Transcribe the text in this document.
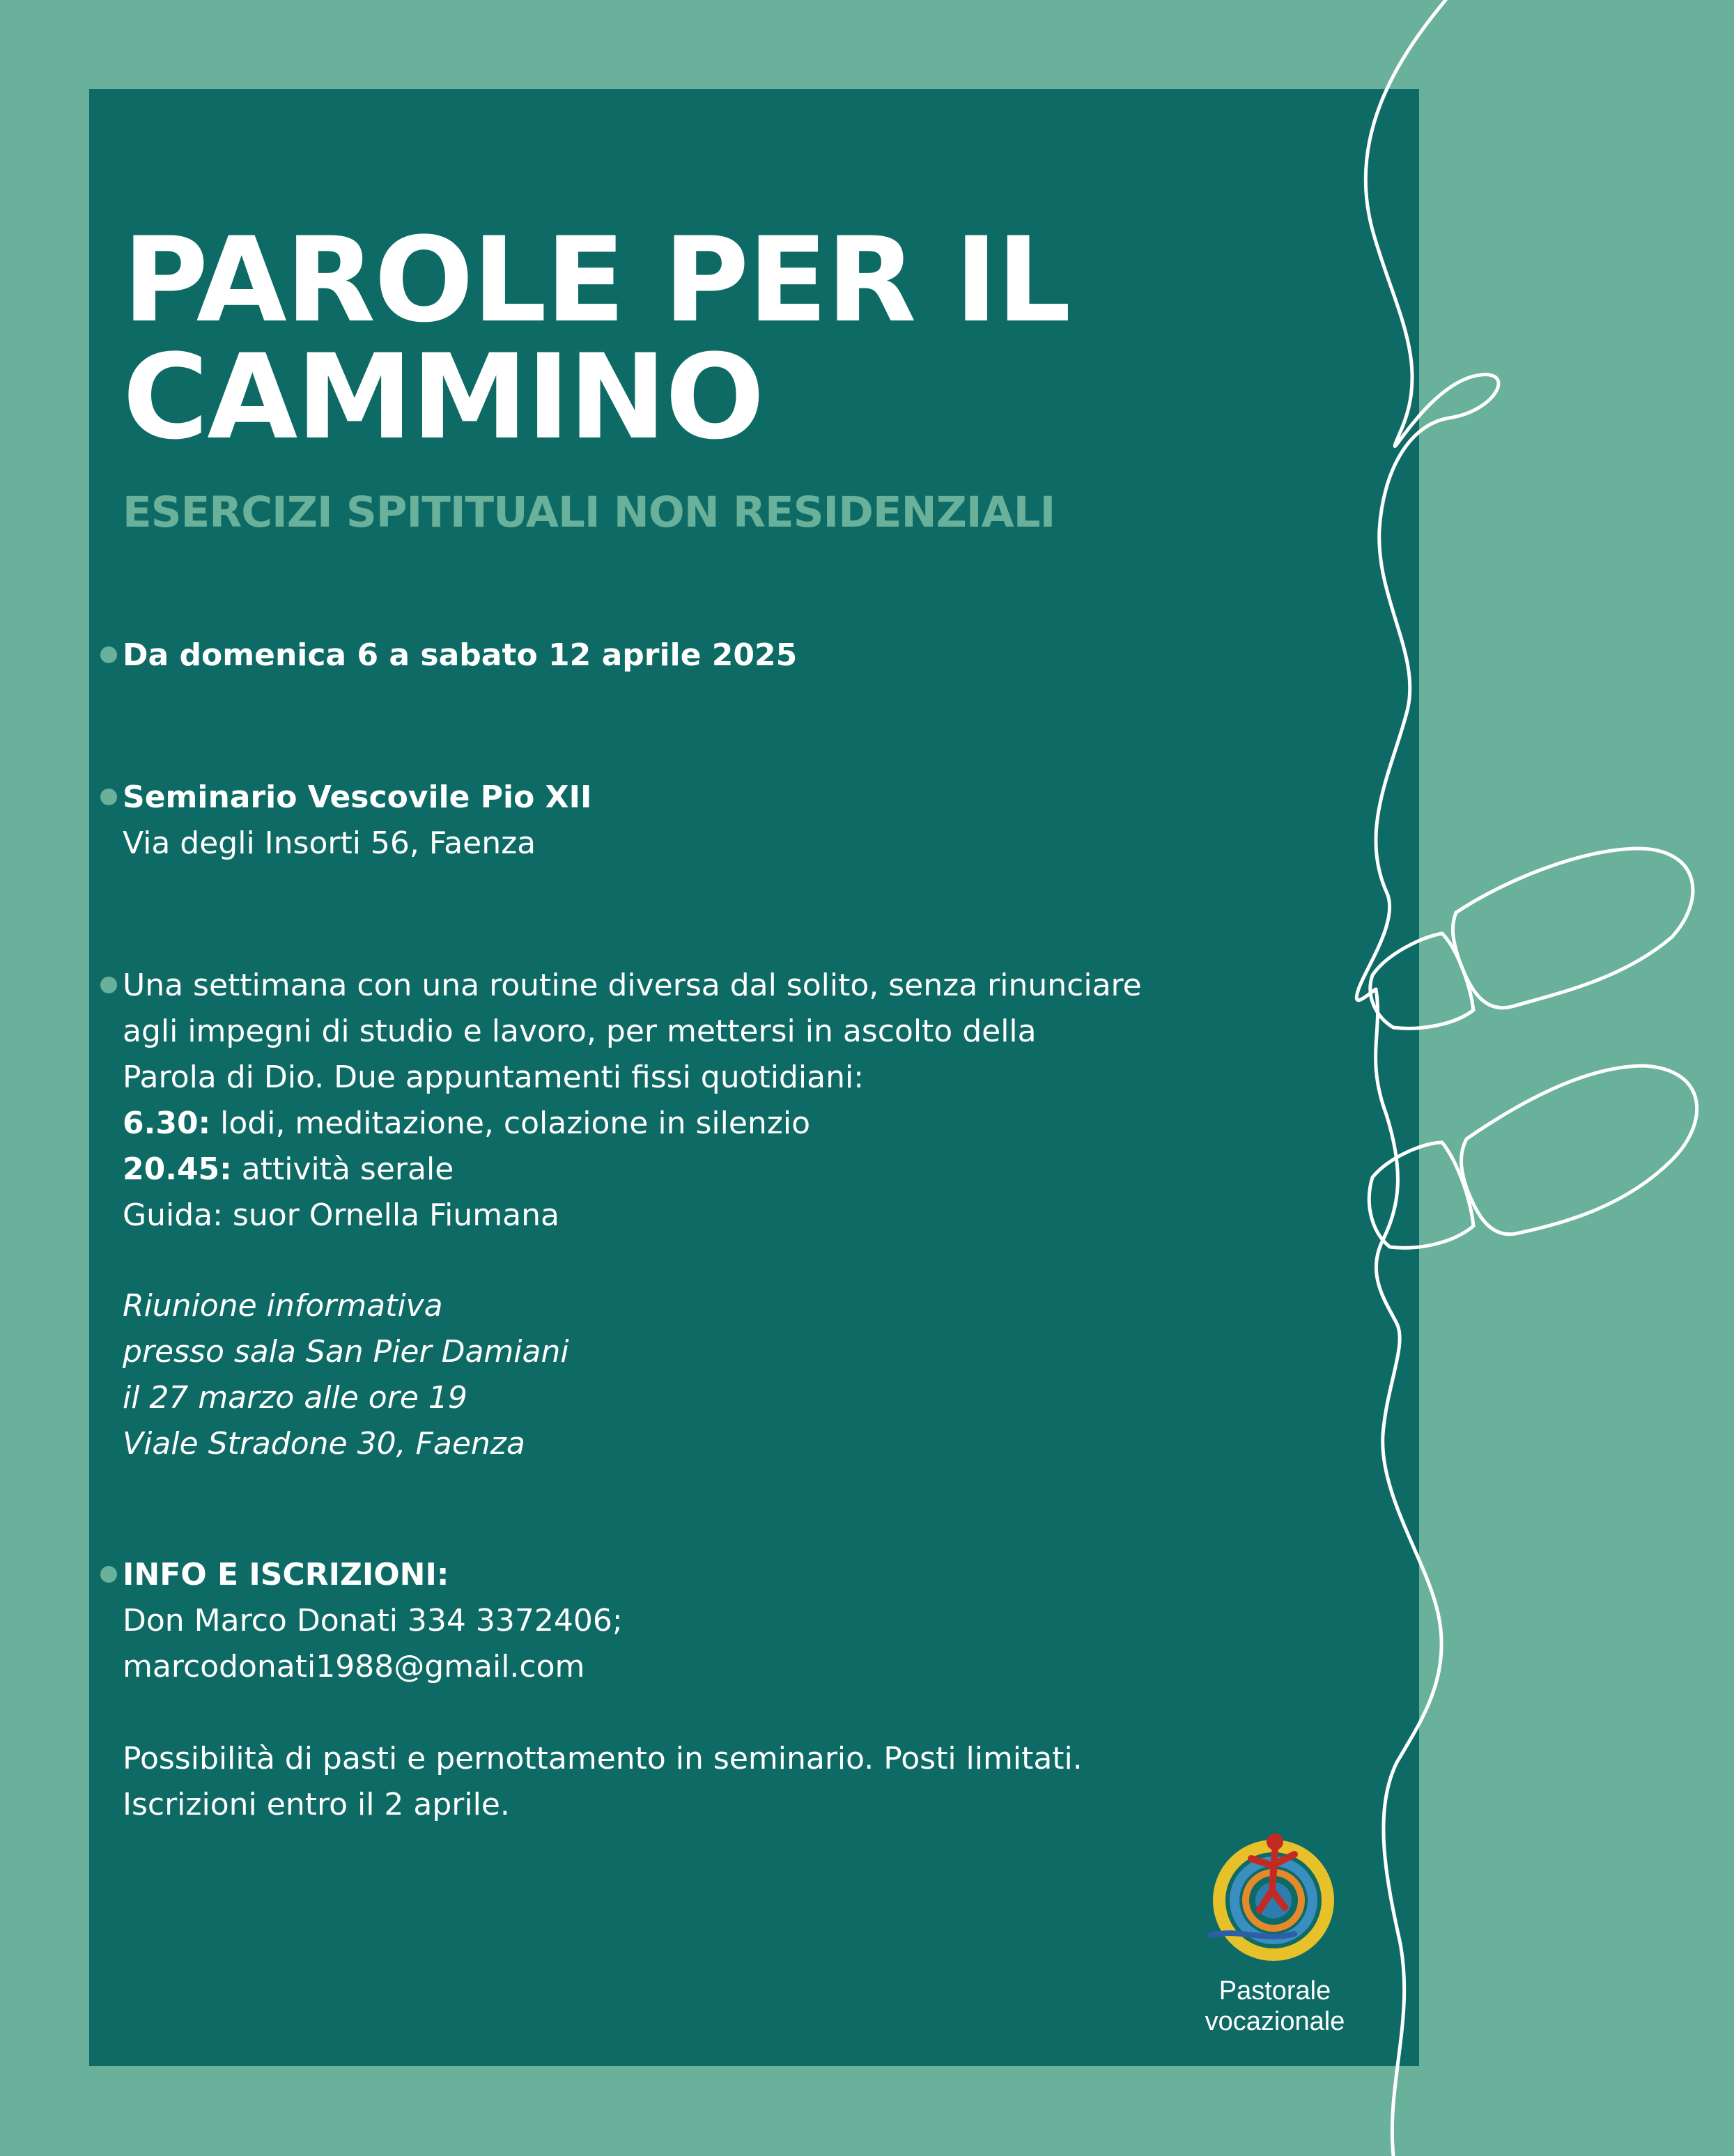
PAROLE PER IL
CAMMINO
ESERCIZI SPITITUALI NON RESIDENZIALI
Da domenica 6 a sabato 12 aprile 2025
Seminario Vescovile Pio XII
Via degli Insorti 56, Faenza
Una settimana con una routine diversa dal solito, senza rinunciare
agli impegni di studio e lavoro, per mettersi in ascolto della
Parola di Dio. Due appuntamenti fissi quotidiani:
6.30: lodi, meditazione, colazione in silenzio
20.45: attività serale
Guida: suor Ornella Fiumana
Riunione informativa
presso sala San Pier Damiani
il 27 marzo alle ore 19
Viale Stradone 30, Faenza
INFO E ISCRIZIONI:
Don Marco Donati 334 3372406;
marcodonati1988@gmail.com
Possibilità di pasti e pernottamento in seminario. Posti limitati.
Iscrizioni entro il 2 aprile.
Pastorale
vocazionale
